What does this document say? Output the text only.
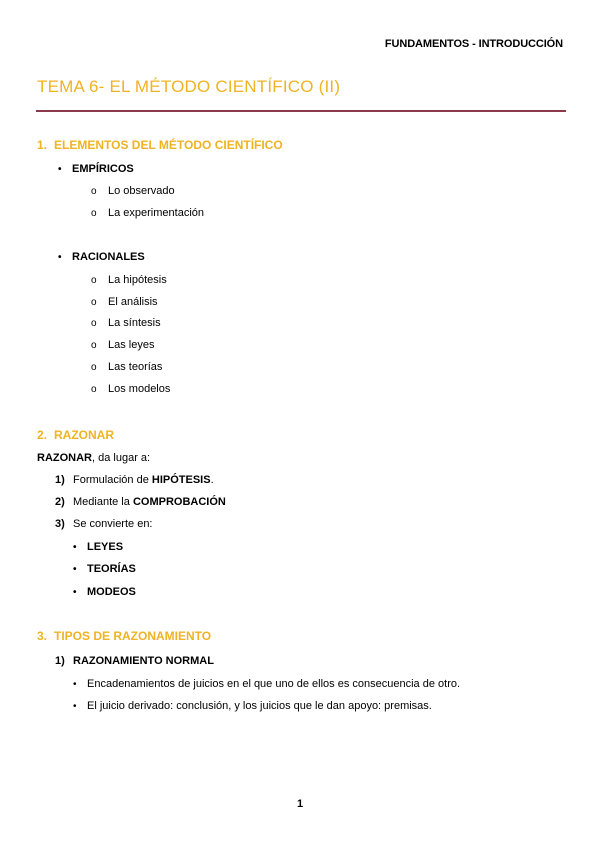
FUNDAMENTOS - INTRODUCCIÓN
TEMA 6- EL MÉTODO CIENTÍFICO (II)
1. ELEMENTOS DEL MÉTODO CIENTÍFICO
• EMPÍRICOS
o Lo observado
o La experimentación
• RACIONALES
o La hipótesis
o El análisis
o La síntesis
o Las leyes
o Las teorías
o Los modelos
2. RAZONAR
RAZONAR, da lugar a:
1) Formulación de HIPÓTESIS.
2) Mediante la COMPROBACIÓN
3) Se convierte en:
• LEYES
• TEORÍAS
• MODEOS
3. TIPOS DE RAZONAMIENTO
1) RAZONAMIENTO NORMAL
• Encadenamientos de juicios en el que uno de ellos es consecuencia de otro.
• El juicio derivado: conclusión, y los juicios que le dan apoyo: premisas.
1
